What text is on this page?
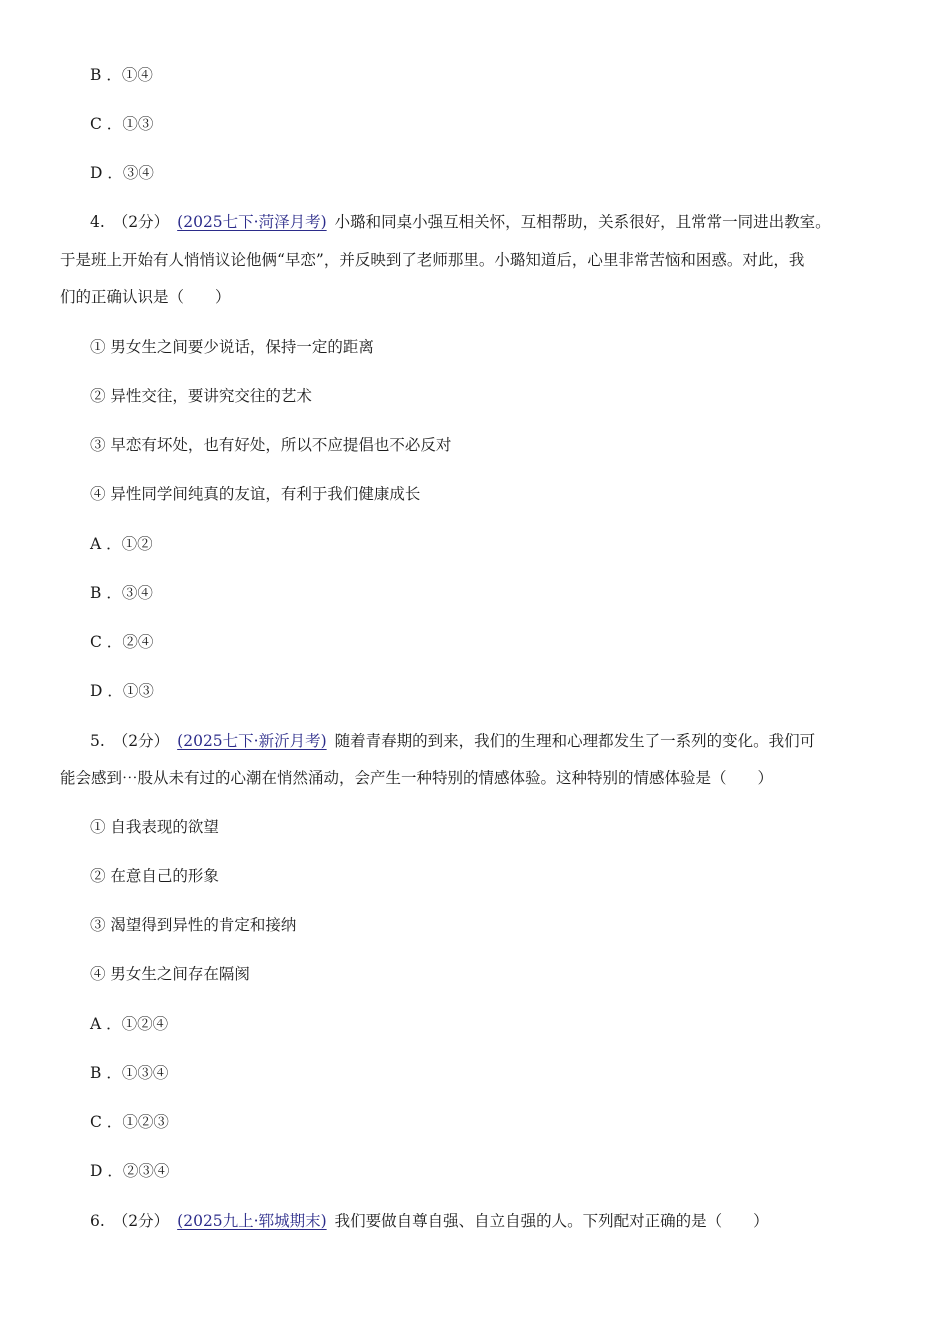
B ．①④
C ．①③
D ．③④
4. （2分） (2025七下·菏泽月考) 小璐和同桌小强互相关怀，互相帮助，关系很好，且常常一同进出教室。
于是班上开始有人悄悄议论他俩“早恋”，并反映到了老师那里。小璐知道后，心里非常苦恼和困惑。对此，我
们的正确认识是（　　）
① 男女生之间要少说话，保持一定的距离
② 异性交往，要讲究交往的艺术
③ 早恋有坏处，也有好处，所以不应提倡也不必反对
④ 异性同学间纯真的友谊，有利于我们健康成长
A ．①②
B ．③④
C ．②④
D ．①③
5. （2分） (2025七下·新沂月考) 随着青春期的到来，我们的生理和心理都发生了一系列的变化。我们可
能会感到⋯股从未有过的心潮在悄然涌动，会产生一种特别的情感体验。这种特别的情感体验是（　　）
① 自我表现的欲望
② 在意自己的形象
③ 渴望得到异性的肯定和接纳
④ 男女生之间存在隔阂
A ．①②④
B ．①③④
C ．①②③
D ．②③④
6. （2分） (2025九上·郓城期末) 我们要做自尊自强、自立自强的人。下列配对正确的是（　　）
